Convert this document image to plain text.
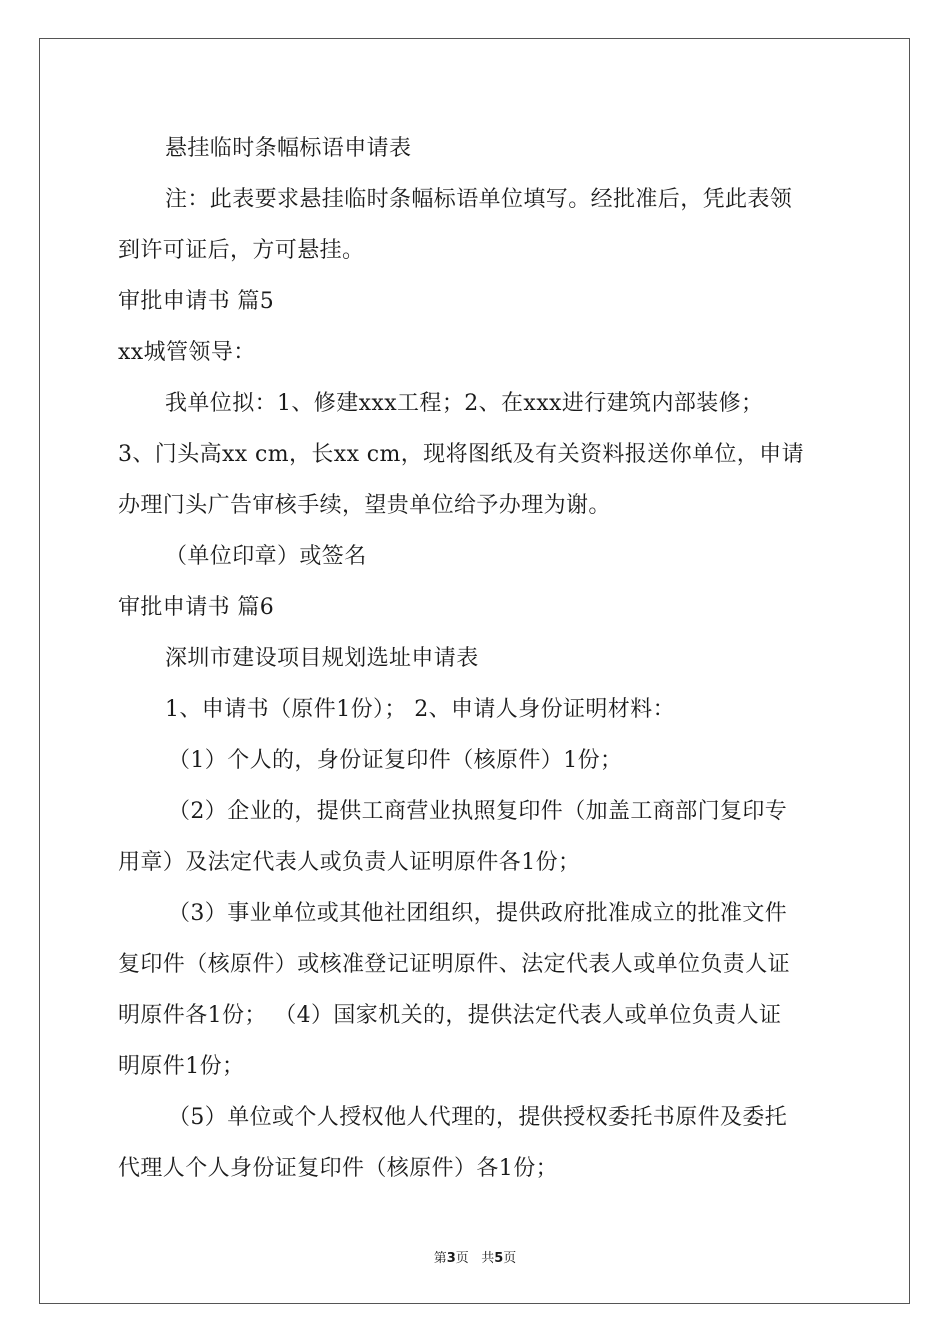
悬挂临时条幅标语申请表
注：此表要求悬挂临时条幅标语单位填写。经批准后，凭此表领
到许可证后，方可悬挂。
审批申请书 篇5
xx城管领导：
我单位拟：1、修建xxx工程；2、在xxx进行建筑内部装修；
3、门头高xx cm，长xx cm，现将图纸及有关资料报送你单位，申请
办理门头广告审核手续，望贵单位给予办理为谢。
（单位印章）或签名
审批申请书 篇6
深圳市建设项目规划选址申请表
1、申请书（原件1份）； 2、申请人身份证明材料：
（1）个人的，身份证复印件（核原件）1份；
（2）企业的，提供工商营业执照复印件（加盖工商部门复印专
用章）及法定代表人或负责人证明原件各1份；
（3）事业单位或其他社团组织，提供政府批准成立的批准文件
复印件（核原件）或核准登记证明原件、法定代表人或单位负责人证
明原件各1份； （4）国家机关的，提供法定代表人或单位负责人证
明原件1份；
（5）单位或个人授权他人代理的，提供授权委托书原件及委托
代理人个人身份证复印件（核原件）各1份；
第3页   共5页
